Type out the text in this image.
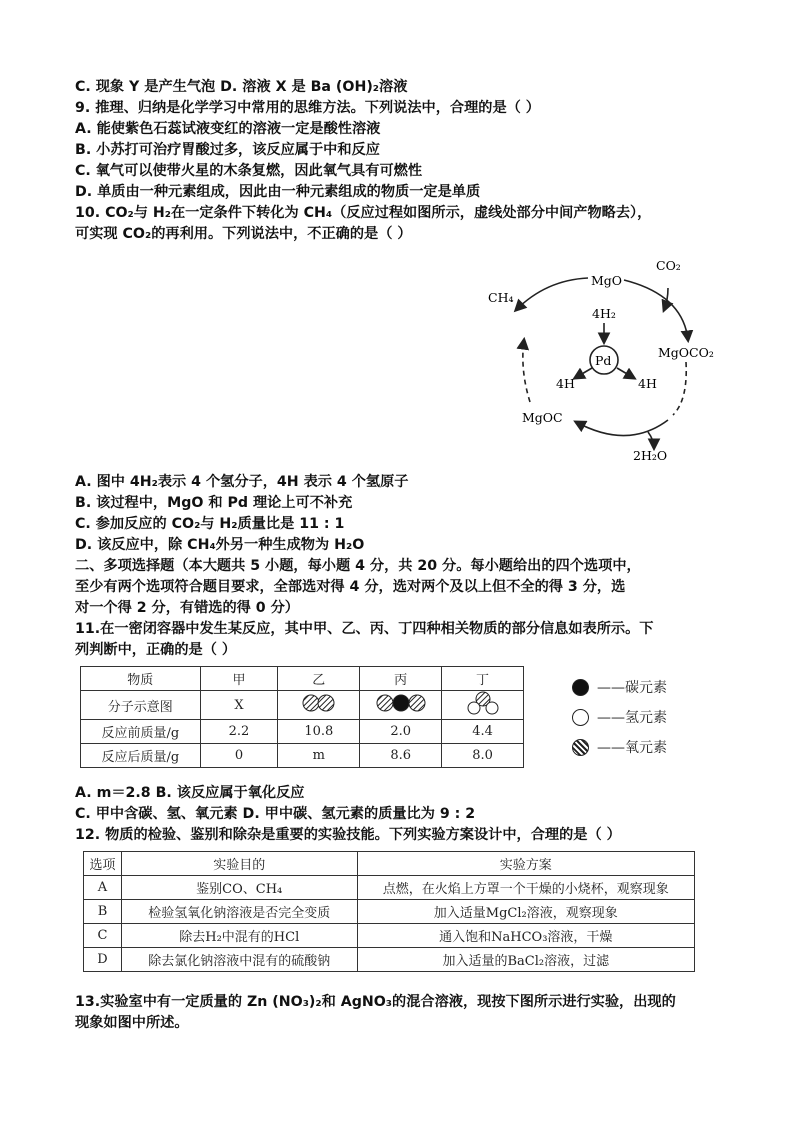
C. 现象 Y 是产生气泡 D. 溶液 X 是 Ba (OH)₂溶液
9. 推理、归纳是化学学习中常用的思维方法。下列说法中，合理的是（ ）
A. 能使紫色石蕊试液变红的溶液一定是酸性溶液
B. 小苏打可治疗胃酸过多，该反应属于中和反应
C. 氧气可以使带火星的木条复燃，因此氧气具有可燃性
D. 单质由一种元素组成，因此由一种元素组成的物质一定是单质
10. CO₂与 H₂在一定条件下转化为 CH₄（反应过程如图所示，虚线处部分中间产物略去），
可实现 CO₂的再利用。下列说法中，不正确的是（ ）
MgO
CO₂
CH₄
4H₂
Pd
MgOCO₂
4H	4H
MgOC
2H₂O
A. 图中 4H₂表示 4 个氢分子，4H 表示 4 个氢原子
B. 该过程中，MgO 和 Pd 理论上可不补充
C. 参加反应的 CO₂与 H₂质量比是 11 : 1
D. 该反应中，除 CH₄外另一种生成物为 H₂O
二、多项选择题（本大题共 5 小题，每小题 4 分，共 20 分。每小题给出的四个选项中，
至少有两个选项符合题目要求，全部选对得 4 分，选对两个及以上但不全的得 3 分，选
对一个得 2 分，有错选的得 0 分）
11.在一密闭容器中发生某反应，其中甲、乙、丙、丁四种相关物质的部分信息如表所示。下
列判断中，正确的是（ ）
物质	甲	乙	丙	丁
分子示意图	X			
反应前质量/g	2.2	10.8	2.0	4.4
反应后质量/g	0	m	8.6	8.0
——碳元素
——氢元素
——氧元素
A. m＝2.8 B. 该反应属于氧化反应
C. 甲中含碳、氢、氧元素 D. 甲中碳、氢元素的质量比为 9 : 2
12. 物质的检验、鉴别和除杂是重要的实验技能。下列实验方案设计中，合理的是（ ）
选项	实验目的	实验方案
A	鉴别CO、CH₄	点燃，在火焰上方罩一个干燥的小烧杯，观察现象
B	检验氢氧化钠溶液是否完全变质	加入适量MgCl₂溶液，观察现象
C	除去H₂中混有的HCl	通入饱和NaHCO₃溶液，干燥
D	除去氯化钠溶液中混有的硫酸钠	加入适量的BaCl₂溶液，过滤
13.实验室中有一定质量的 Zn (NO₃)₂和 AgNO₃的混合溶液，现按下图所示进行实验，出现的
现象如图中所述。
